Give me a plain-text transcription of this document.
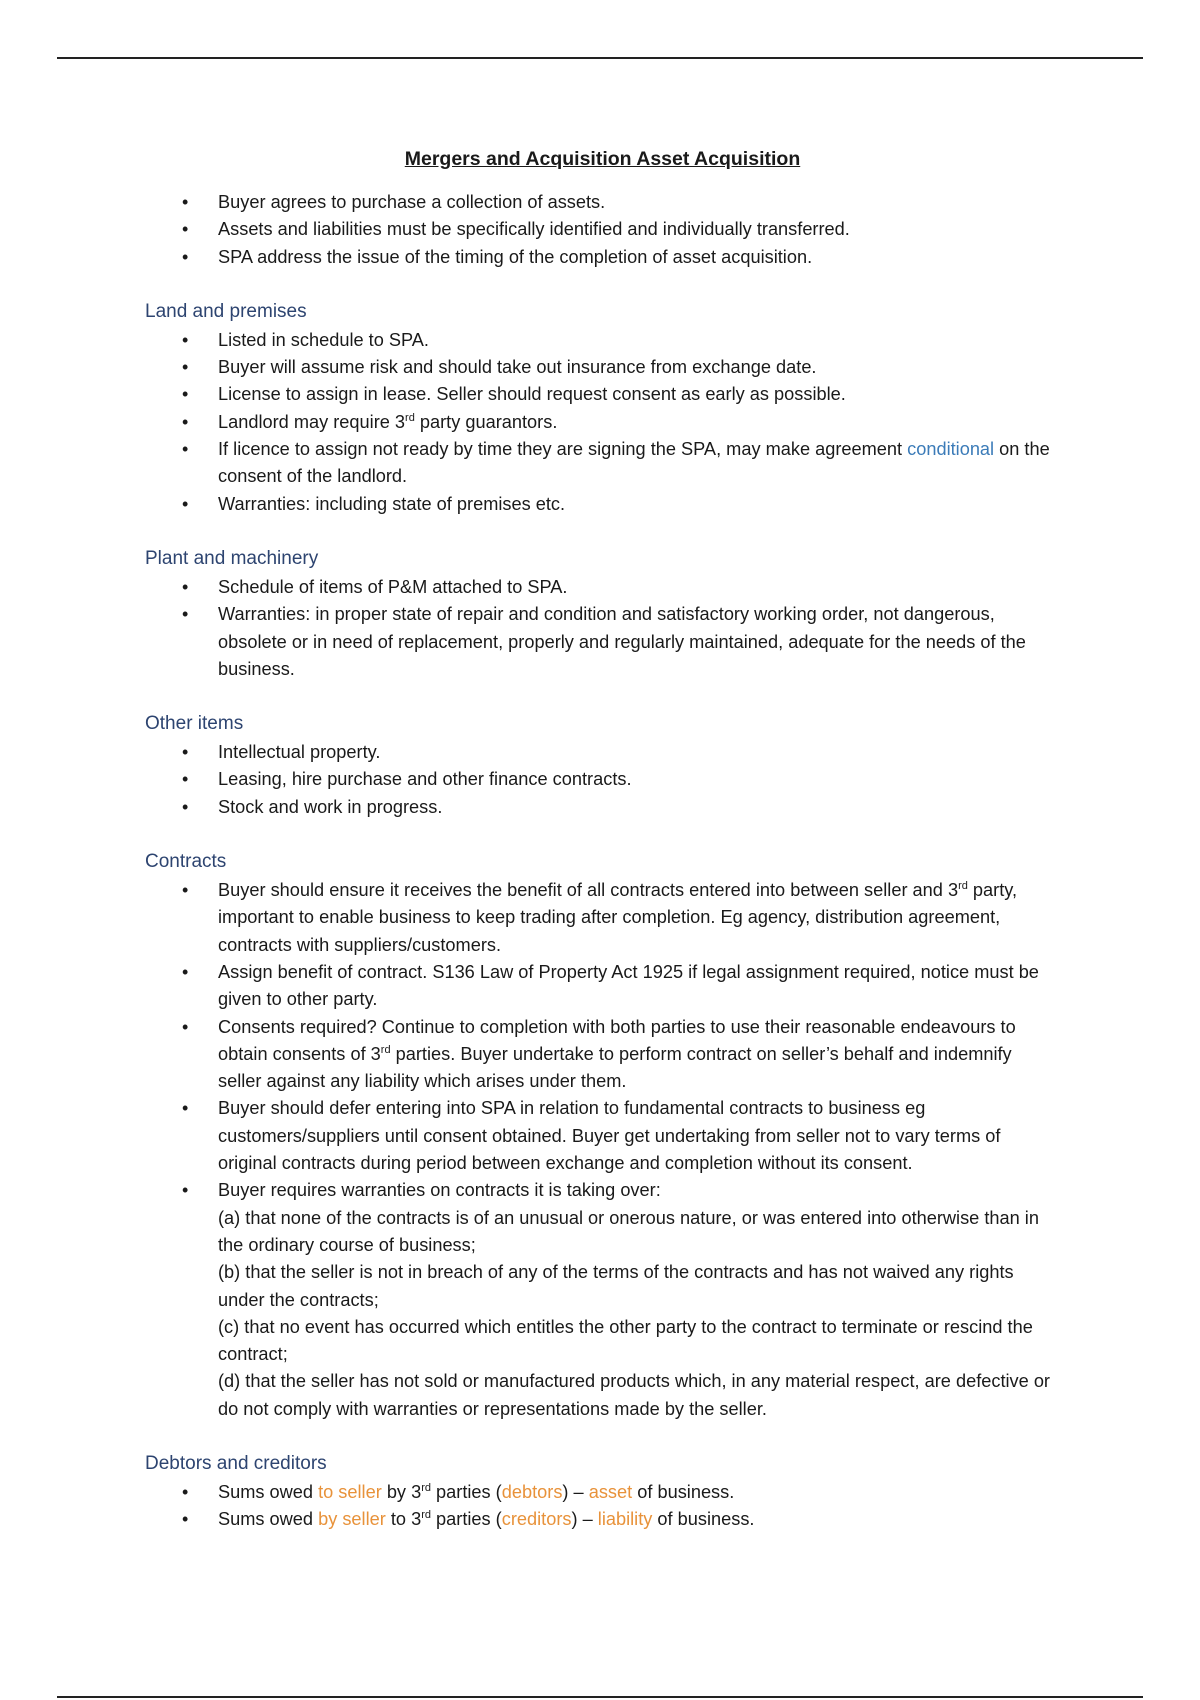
Mergers and Acquisition Asset Acquisition
• Buyer agrees to purchase a collection of assets.
• Assets and liabilities must be specifically identified and individually transferred.
• SPA address the issue of the timing of the completion of asset acquisition.
Land and premises
• Listed in schedule to SPA.
• Buyer will assume risk and should take out insurance from exchange date.
• License to assign in lease. Seller should request consent as early as possible.
• Landlord may require 3rd party guarantors.
• If licence to assign not ready by time they are signing the SPA, may make agreement conditional on the consent of the landlord.
• Warranties: including state of premises etc.
Plant and machinery
• Schedule of items of P&M attached to SPA.
• Warranties: in proper state of repair and condition and satisfactory working order, not dangerous, obsolete or in need of replacement, properly and regularly maintained, adequate for the needs of the business.
Other items
• Intellectual property.
• Leasing, hire purchase and other finance contracts.
• Stock and work in progress.
Contracts
• Buyer should ensure it receives the benefit of all contracts entered into between seller and 3rd party, important to enable business to keep trading after completion. Eg agency, distribution agreement, contracts with suppliers/customers.
• Assign benefit of contract. S136 Law of Property Act 1925 if legal assignment required, notice must be given to other party.
• Consents required? Continue to completion with both parties to use their reasonable endeavours to obtain consents of 3rd parties. Buyer undertake to perform contract on seller’s behalf and indemnify seller against any liability which arises under them.
• Buyer should defer entering into SPA in relation to fundamental contracts to business eg customers/suppliers until consent obtained. Buyer get undertaking from seller not to vary terms of original contracts during period between exchange and completion without its consent.
• Buyer requires warranties on contracts it is taking over:
(a) that none of the contracts is of an unusual or onerous nature, or was entered into otherwise than in the ordinary course of business;
(b) that the seller is not in breach of any of the terms of the contracts and has not waived any rights under the contracts;
(c) that no event has occurred which entitles the other party to the contract to terminate or rescind the contract;
(d) that the seller has not sold or manufactured products which, in any material respect, are defective or do not comply with warranties or representations made by the seller.
Debtors and creditors
• Sums owed to seller by 3rd parties (debtors) – asset of business.
• Sums owed by seller to 3rd parties (creditors) – liability of business.
